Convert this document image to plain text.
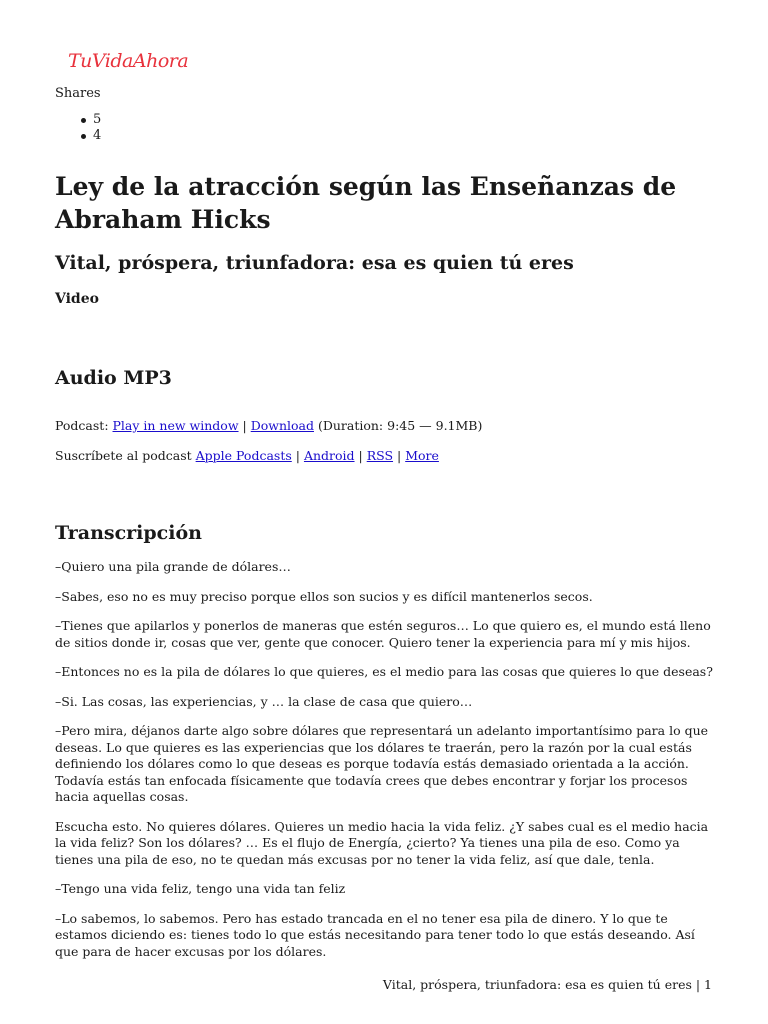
TuVidaAhora
Shares
5
4
Ley de la atracción según las Enseñanzas de Abraham Hicks
Vital, próspera, triunfadora: esa es quien tú eres
Video
Audio MP3
Podcast: Play in new window | Download (Duration: 9:45 — 9.1MB)
Suscríbete al podcast Apple Podcasts | Android | RSS | More
Transcripción

–Quiero una pila grande de dólares…

–Sabes, eso no es muy preciso porque ellos son sucios y es difícil mantenerlos secos.

–Tienes que apilarlos y ponerlos de maneras que estén seguros… Lo que quiero es, el mundo está lleno de sitios donde ir, cosas que ver, gente que conocer. Quiero tener la experiencia para mí y mis hijos.

–Entonces no es la pila de dólares lo que quieres, es el medio para las cosas que quieres lo que deseas?

–Si. Las cosas, las experiencias, y … la clase de casa que quiero…

–Pero mira, déjanos darte algo sobre dólares que representará un adelanto importantísimo para lo que deseas. Lo que quieres es las experiencias que los dólares te traerán, pero la razón por la cual estás definiendo los dólares como lo que deseas es porque todavía estás demasiado orientada a la acción. Todavía estás tan enfocada físicamente que todavía crees que debes encontrar y forjar los procesos hacia aquellas cosas.

Escucha esto. No quieres dólares. Quieres un medio hacia la vida feliz. ¿Y sabes cual es el medio hacia la vida feliz? Son los dólares? … Es el flujo de Energía, ¿cierto? Ya tienes una pila de eso. Como ya tienes una pila de eso, no te quedan más excusas por no tener la vida feliz, así que dale, tenla.

–Tengo una vida feliz, tengo una vida tan feliz

–Lo sabemos, lo sabemos. Pero has estado trancada en el no tener esa pila de dinero. Y lo que te estamos diciendo es: tienes todo lo que estás necesitando para tener todo lo que estás deseando. Así que para de hacer excusas por los dólares.

Vital, próspera, triunfadora: esa es quien tú eres | 1
